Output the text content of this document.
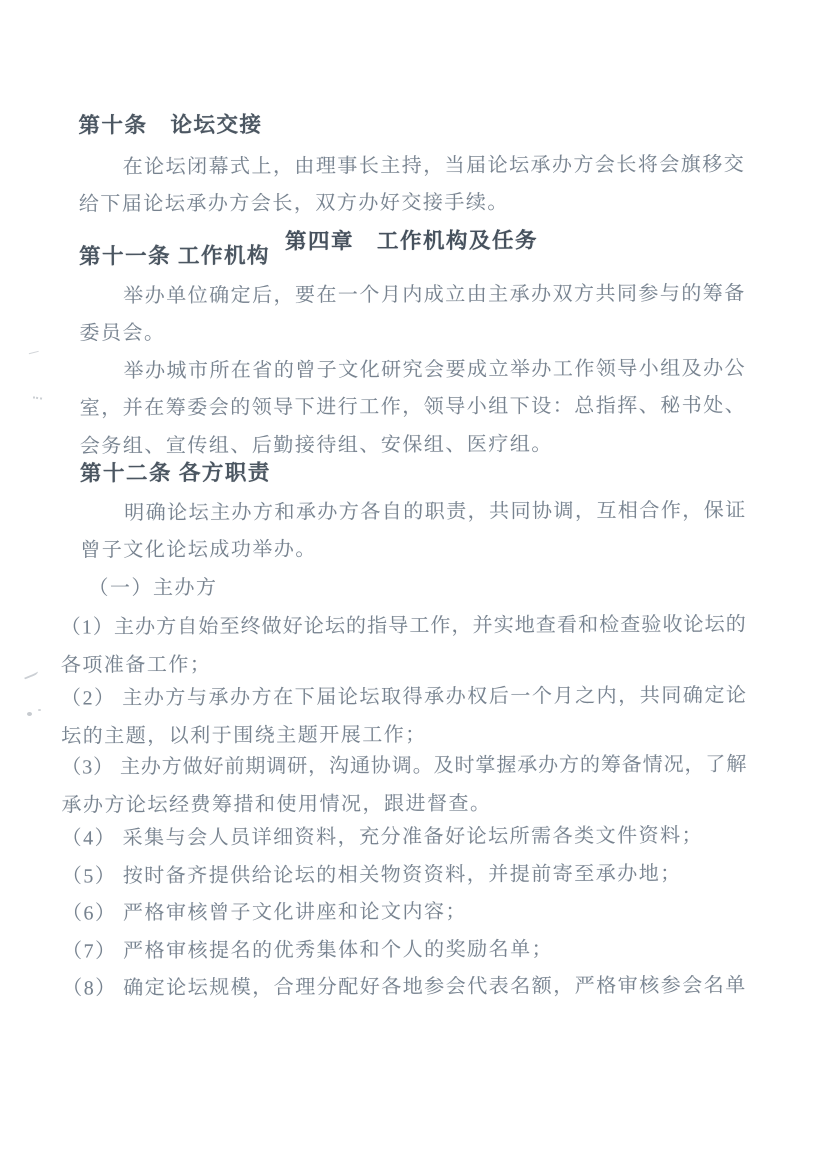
第十条　论坛交接
在论坛闭幕式上，由理事长主持，当届论坛承办方会长将会旗移交
给下届论坛承办方会长，双方办好交接手续。
第四章　工作机构及任务
第十一条 工作机构
举办单位确定后，要在一个月内成立由主承办双方共同参与的筹备
委员会。
举办城市所在省的曾子文化研究会要成立举办工作领导小组及办公
室，并在筹委会的领导下进行工作，领导小组下设：总指挥、秘书处、
会务组、宣传组、后勤接待组、安保组、医疗组。
第十二条 各方职责
明确论坛主办方和承办方各自的职责，共同协调，互相合作，保证
曾子文化论坛成功举办。
（一）主办方
（1）主办方自始至终做好论坛的指导工作，并实地查看和检查验收论坛的
各项准备工作；
（2） 主办方与承办方在下届论坛取得承办权后一个月之内，共同确定论
坛的主题，以利于围绕主题开展工作；
（3） 主办方做好前期调研，沟通协调。及时掌握承办方的筹备情况，了解
承办方论坛经费筹措和使用情况，跟进督查。
（4） 采集与会人员详细资料，充分准备好论坛所需各类文件资料；
（5） 按时备齐提供给论坛的相关物资资料，并提前寄至承办地；
（6） 严格审核曾子文化讲座和论文内容；
（7） 严格审核提名的优秀集体和个人的奖励名单；
（8） 确定论坛规模，合理分配好各地参会代表名额，严格审核参会名单
